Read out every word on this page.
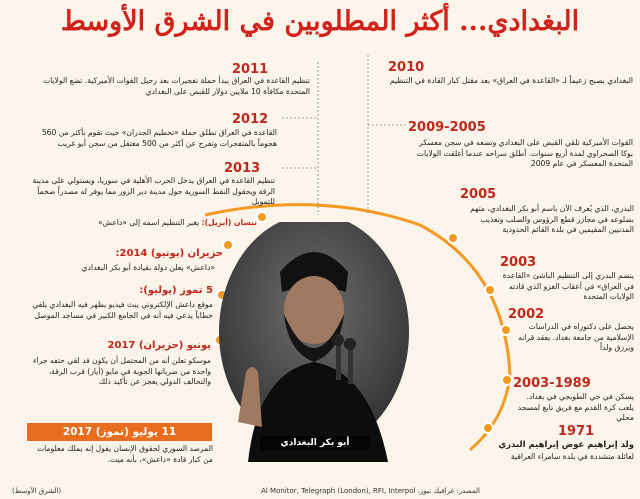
البغدادي... أكثر المطلوبين في الشرق الأوسط
2010
البغدادي يصبح زعيماً لـ «القاعدة في العراق» بعد مقتل كبار القادة في التنظيم
2009-2005
القوات الأميركية تلقي القبض على البغدادي وتضعه في سجن معسكر بوكا الصحراوي لمدة أربع سنوات. أطلق سراحه عندما أغلقت الولايات المتحدة المعسكر في عام 2009
2005
البدري، الذي يُعرف الآن باسم أبو بكر البغدادي، متهم بضلوعه في مجازر قطع الرؤوس والصلب وتعذيب المدنيين المقيمين في بلدة القائم الحدودية
2003
ينضم البدري إلى التنظيم الناشئ «القاعدة في العراق» في أعقاب الغزو الذي قادته الولايات المتحدة
2002
يحصل على دكتوراه في الدراسات الإسلامية من جامعة بغداد. يعقد قرانه ويرزق ولداً
2003-1989
يسكن في حي الطوبجي في بغداد. يلعب كرة القدم مع فريق تابع لمسجد محلي
1971
ولد إبراهيم عوض إبراهيم البدري
لعائلة متشددة في بلدة سامراء العراقية
2011
تنظيم القاعدة في العراق يبدأ حملة تفجيرات بعد رحيل القوات الأميركية. تضع الولايات المتحدة مكافأة 10 ملايين دولار للقبض على البغدادي
2012
القاعدة في العراق تطلق حملة «تحطيم الجدران» حيث تقوم بأكثر من 560 هجوماً بالمتفجرات وتفرج عن أكثر من 500 معتقل من سجن أبو غريب
2013
تنظيم القاعدة في العراق يدخل الحرب الأهلية في سوريا، ويستولي على مدينة الرقة ويحقول النفط السورية حول مدينة دير الزور مما يوفر له مصدراً ضخماً للتمويل
نيسان (أبريل): يغير التنظيم اسمه إلى «داعش»
حزيران (يونيو) 2014:
«داعش» يعلن دولة بقيادة أبو بكر البغدادي
5 تموز (يوليو):
موقع داعش الإلكتروني يبث فيديو يظهر فيه البغدادي يلقي خطاباً يدعي فيه أنه في الجامع الكبير في مساجد الموصل
يونيو (حزيران) 2017
موسكو تعلن أنه من المحتمل أن يكون قد لقي حتفه جراء واحدة من ضرباتها الجوية في مايو (أيار) قرب الرقة، والتحالف الدولي يعجز عن تأكيد ذلك
11 يوليو (تموز) 2017
المرصد السوري لحقوق الإنسان يقول إنه يملك معلومات من كبار قادة «داعش»، بأنه ميت.
أبو بكر البغدادي
المصدر: غرافيك نيوز، Al Monitor, Telegraph (London), RFI, Interpol
(الشرق الأوسط)
